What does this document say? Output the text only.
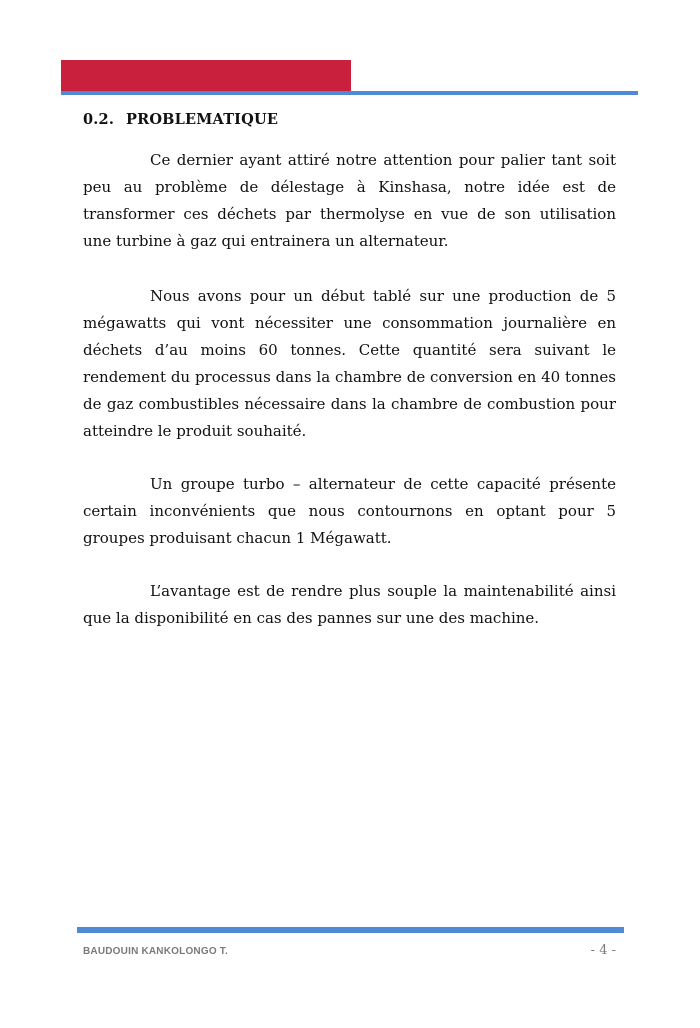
0.2. PROBLEMATIQUE
Ce dernier ayant attiré notre attention pour palier tant soit
peu au problème de délestage à Kinshasa, notre idée est de
transformer ces déchets par thermolyse en vue de son utilisation
une turbine à gaz qui entrainera un alternateur.
Nous avons pour un début tablé sur une production de 5
mégawatts qui vont nécessiter une consommation journalière en
déchets d’au moins 60 tonnes. Cette quantité sera suivant le
rendement du processus dans la chambre de conversion en 40 tonnes
de gaz combustibles nécessaire dans la chambre de combustion pour
atteindre le produit souhaité.
Un groupe turbo – alternateur de cette capacité présente
certain inconvénients que nous contournons en optant pour 5
groupes produisant chacun 1 Mégawatt.
L’avantage est de rendre plus souple la maintenabilité ainsi
que la disponibilité en cas des pannes sur une des machine.
BAUDOUIN KANKOLONGO T.	- 4 -
